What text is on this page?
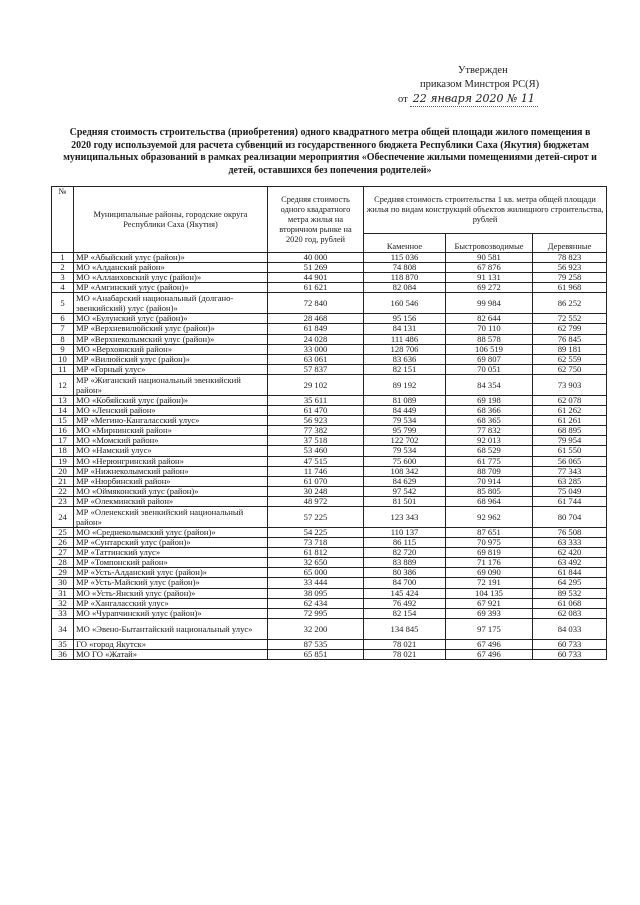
Утвержден
приказом Минстроя РС(Я)
от 22 января 2020 № 11
Средняя стоимость строительства (приобретения) одного квадратного метра общей площади жилого помещения в 2020 году используемой для расчета субвенций из государственного бюджета Республики Саха (Якутия) бюджетам муниципальных образований в рамках реализации мероприятия «Обеспечение жилыми помещениями детей-сирот и детей, оставшихся без попечения родителей»
№	Муниципальные районы, городские округа Республики Саха (Якутия)	Средняя стоимость одного квадратного метра жилья на вторичном рынке на 2020 год, рублей	Средняя стоимость строительства 1 кв. метра общей площади жилья по видам конструкций объектов жилищного строительства, рублей		
			Каменное	Быстровозводимые	Деревянные
1	МР «Абыйский улус (район)»	40 000	115 036	90 581	78 823
2	МО «Алданский район»	51 269	74 808	67 876	56 923
3	МО «Аллаиховский улус (район)»	44 901	118 870	91 131	79 258
4	МР «Амгинский улус (район)»	61 621	82 084	69 272	61 968
5	МО «Анабарский национальный (долгано-эвенкийский) улус (район)»	72 840	160 546	99 984	86 252
6	МО «Булунский улус (район)»	28 468	95 156	82 644	72 552
7	МР «Верхневилюйский улус (район)»	61 849	84 131	70 110	62 799
8	МР «Верхнеколымский улус (район)»	24 028	111 486	88 578	76 845
9	МО «Верхоянский район»	33 000	128 706	106 519	89 181
10	МР «Вилюйский улус (район)»	63 061	83 636	69 807	62 559
11	МР «Горный улус»	57 837	82 151	70 051	62 750
12	МР «Жиганский национальный эвенкийский район»	29 102	89 192	84 354	73 903
13	МО «Кобяйский улус (район)»	35 611	81 089	69 198	62 078
14	МО «Ленский район»	61 470	84 449	68 366	61 262
15	МР «Мегино-Кангаласский улус»	56 923	79 534	68 365	61 261
16	МО «Мирнинский район»	77 382	95 799	77 832	68 895
17	МО «Момский район»	37 518	122 702	92 013	79 954
18	МО «Намский улус»	53 460	79 534	68 529	61 550
19	МО «Нерюнгринский район»	47 515	75 600	61 775	56 065
20	МР «Нижнеколымский район»	11 746	108 342	88 709	77 343
21	МР «Нюрбинский район»	61 070	84 629	70 914	63 285
22	МО «Оймяконский улус (район)»	30 248	97 542	85 805	75 049
23	МР «Олекминский район»	48 972	81 501	68 964	61 744
24	МР «Оленекский эвенкийский национальный район»	57 225	123 343	92 962	80 704
25	МО «Среднеколымский улус (район)»	54 225	110 137	87 651	76 508
26	МР «Сунтарский улус (район)»	73 718	86 115	70 975	63 333
27	МР «Таттинский улус»	61 812	82 720	69 819	62 420
28	МР «Томпонский район»	32 650	83 889	71 176	63 492
29	МР «Усть-Алданский улус (район)»	65 000	80 386	69 090	61 844
30	МР «Усть-Майский улус (район)»	33 444	84 700	72 191	64 295
31	МО «Усть-Янский улус (район)»	38 095	145 424	104 135	89 532
32	МР «Хангаласский улус»	62 434	76 492	67 921	61 068
33	МО «Чурапчинский улус (район)»	72 995	82 154	69 393	62 083
34	МО «Эвено-Бытантайский национальный улус»	32 200	134 845	97 175	84 033
35	ГО «город Якутск»	87 535	78 021	67 496	60 733
36	МО ГО «Жатай»	65 851	78 021	67 496	60 733
